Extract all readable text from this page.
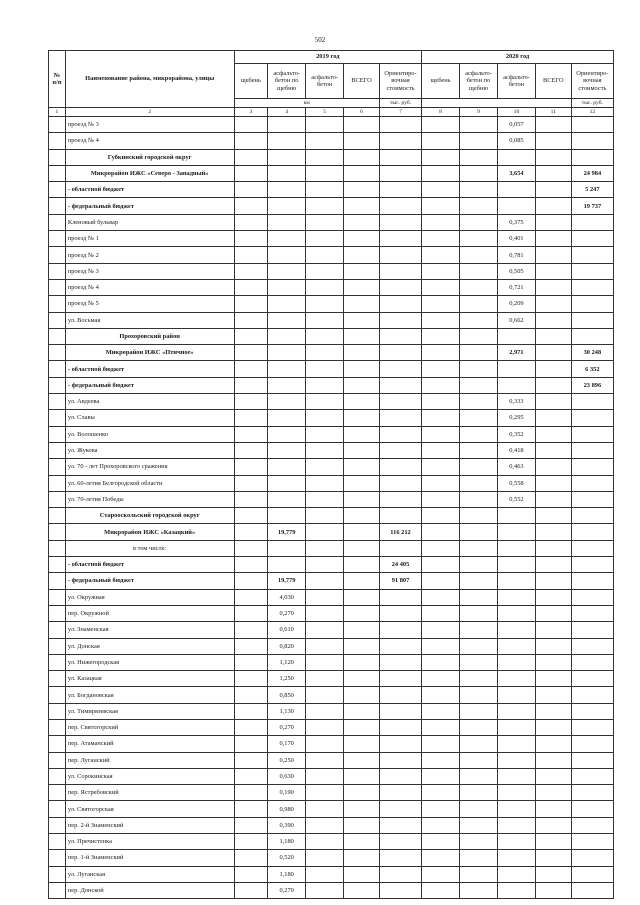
502
№ п/п	Наименование района, микрорайона, улицы	2019 год					2020 год				
		щебень	асфальто-бетон по щебню	асфальто-бетон	ВСЕГО	Ориентиро-вочная стоимость	щебень	асфальто-бетон по щебню	асфальто-бетон	ВСЕГО	Ориентиро-вочная стоимость
		км				тыс. руб.					тыс. руб.
1	2	3	4	5	6	7	8	9	10	11	12
	проезд № 3								0,057		
	проезд № 4								0,085		
	Губкинский городской округ										
	Микрорайон ИЖС «Северо - Западный»								3,654		24 984
	- областной бюджет										5 247
	- федеральный бюджет										19 737
	Кленовый бульвар								0,375		
	проезд № 1								0,401		
	проезд № 2								0,781		
	проезд № 3								0,505		
	проезд № 4								0,721		
	проезд № 5								0,209		
	ул. Восьмая								0,662		
	Прохоровский район										
	Микрорайон ИЖС «Птичное»								2,971		30 248
	- областной бюджет										6 352
	- федеральный бюджет										23 896
	ул. Авдеева								0,333		
	ул. Славы								0,295		
	ул. Волошенко								0,352		
	ул. Жукова								0,418		
	ул. 70 - лет Прохоровского сражения								0,463		
	ул. 60-летия Белгородской области								0,558		
	ул. 70-летия Победы								0,552		
	Старооскольский городской округ										
	Микрорайон ИЖС «Казацкий»		19,779			116 212					
	в том числе:										
	- областной бюджет					24 405					
	- федеральный бюджет		19,779			91 807					
	ул. Окружная		4,030								
	пер. Окружной		0,270								
	ул. Знаменская		0,610								
	ул. Донская		0,820								
	ул. Нижегородская		1,120								
	ул. Казацкая		1,250								
	ул. Богдановская		0,850								
	ул. Тимирязевская		1,130								
	пер. Святогорский		0,270								
	пер. Атаманский		0,170								
	пер. Луганский		0,250								
	ул. Сорокинская		0,630								
	пер. Ястребовский		0,190								
	ул. Святогорская		0,980								
	пер. 2-й Знаменский		0,390								
	ул. Пречистенка		1,180								
	пер. 1-й Знаменский		0,520								
	ул. Луганская		1,180								
	пер. Донской		0,270								
